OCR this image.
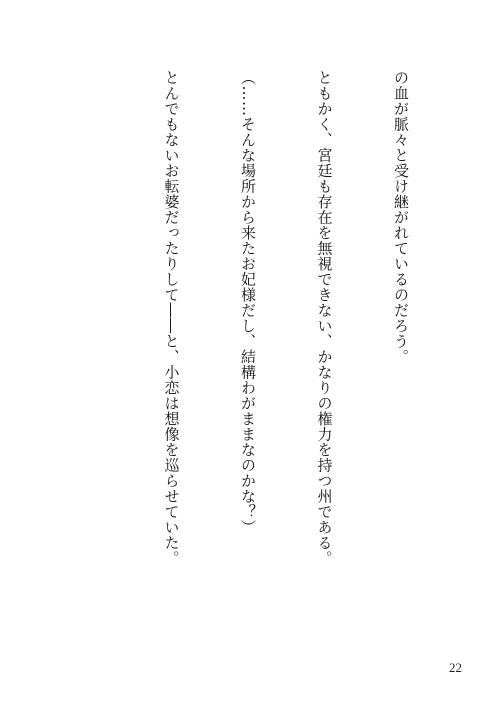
の血が脈々と受け継がれているのだろう。

ともかく、宮廷も存在を無視できない、かなりの権力を持つ州である。

（……そんな場所から来たお妃様だし、結構わがままなのかな？）

とんでもないお転婆だったりして――と、小恋は想像を巡らせていた。

22
